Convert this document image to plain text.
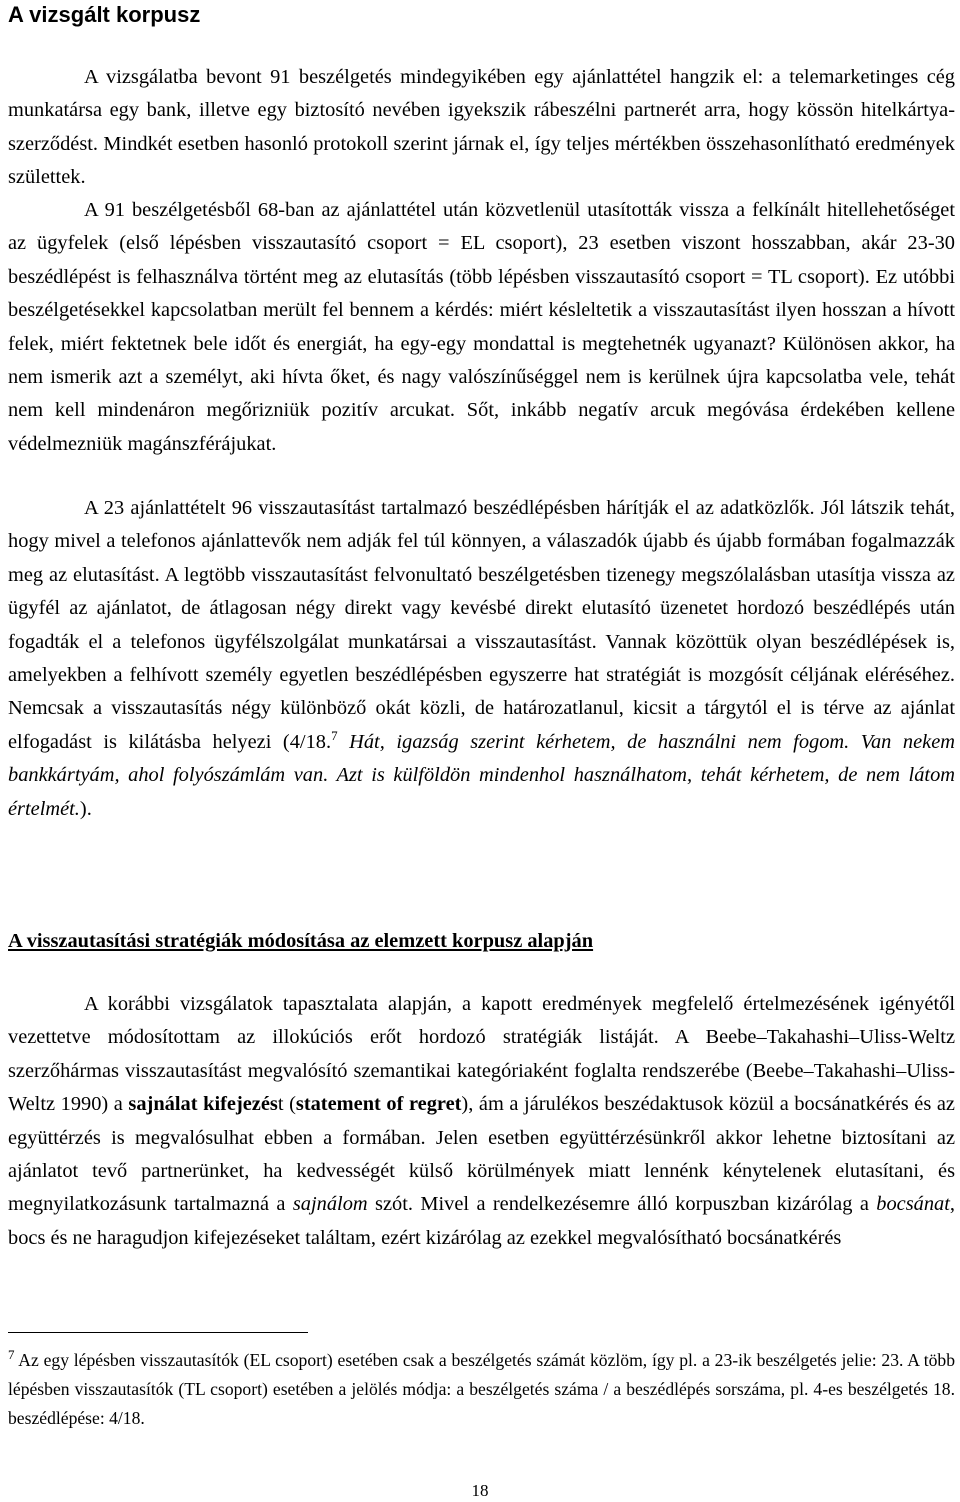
A vizsgált korpusz

A vizsgálatba bevont 91 beszélgetés mindegyikében egy ajánlattétel hangzik el: a telemarketinges cég munkatársa egy bank, illetve egy biztosító nevében igyekszik rábeszélni partnerét arra, hogy kössön hitelkártya-szerződést. Mindkét esetben hasonló protokoll szerint járnak el, így teljes mértékben összehasonlítható eredmények születtek.

A 91 beszélgetésből 68-ban az ajánlattétel után közvetlenül utasították vissza a felkínált hitellehetőséget az ügyfelek (első lépésben visszautasító csoport = EL csoport), 23 esetben viszont hosszabban, akár 23-30 beszédlépést is felhasználva történt meg az elutasítás (több lépésben visszautasító csoport = TL csoport). Ez utóbbi beszélgetésekkel kapcsolatban merült fel bennem a kérdés: miért késleltetik a visszautasítást ilyen hosszan a hívott felek, miért fektetnek bele időt és energiát, ha egy-egy mondattal is megtehetnék ugyanazt? Különösen akkor, ha nem ismerik azt a személyt, aki hívta őket, és nagy valószínűséggel nem is kerülnek újra kapcsolatba vele, tehát nem kell mindenáron megőrizniük pozitív arcukat. Sőt, inkább negatív arcuk megóvása érdekében kellene védelmezniük magánszférájukat.

A 23 ajánlattételt 96 visszautasítást tartalmazó beszédlépésben hárítják el az adatközlők. Jól látszik tehát, hogy mivel a telefonos ajánlattevők nem adják fel túl könnyen, a válaszadók újabb és újabb formában fogalmazzák meg az elutasítást. A legtöbb visszautasítást felvonultató beszélgetésben tizenegy megszólalásban utasítja vissza az ügyfél az ajánlatot, de átlagosan négy direkt vagy kevésbé direkt elutasító üzenetet hordozó beszédlépés után fogadták el a telefonos ügyfélszolgálat munkatársai a visszautasítást. Vannak közöttük olyan beszédlépések is, amelyekben a felhívott személy egyetlen beszédlépésben egyszerre hat stratégiát is mozgósít céljának eléréséhez. Nemcsak a visszautasítás négy különböző okát közli, de határozatlanul, kicsit a tárgytól el is térve az ajánlat elfogadást is kilátásba helyezi (4/18.$^7$ Hát, igazság szerint kérhetem, de használni nem fogom. Van nekem bankkártyám, ahol folyószámlám van. Azt is külföldön mindenhol használhatom, tehát kérhetem, de nem látom értelmét.).

A visszautasítási stratégiák módosítása az elemzett korpusz alapján

A korábbi vizsgálatok tapasztalata alapján, a kapott eredmények megfelelő értelmezésének igényétől vezettetve módosítottam az illokúciós erőt hordozó stratégiák listáját. A Beebe–Takahashi–Uliss-Weltz szerzőhármas visszautasítást megvalósító szemantikai kategóriaként foglalta rendszerébe (Beebe–Takahashi–Uliss-Weltz 1990) a sajnálat kifejezést (statement of regret), ám a járulékos beszédaktusok közül a bocsánatkérés és az együttérzés is megvalósulhat ebben a formában. Jelen esetben együttérzésünkről akkor lehetne biztosítani az ajánlatot tevő partnerünket, ha kedvességét külső körülmények miatt lennénk kénytelenek elutasítani, és megnyilatkozásunk tartalmazná a sajnálom szót. Mivel a rendelkezésemre álló korpuszban kizárólag a bocsánat, bocs és ne haragudjon kifejezéseket találtam, ezért kizárólag az ezekkel megvalósítható bocsánatkérés

$^7$ Az egy lépésben visszautasítók (EL csoport) esetében csak a beszélgetés számát közlöm, így pl. a 23-ik beszélgetés jelie: 23. A több lépésben visszautasítók (TL csoport) esetében a jelölés módja: a beszélgetés száma / a beszédlépés sorszáma, pl. 4-es beszélgetés 18. beszédlépése: 4/18.

18
